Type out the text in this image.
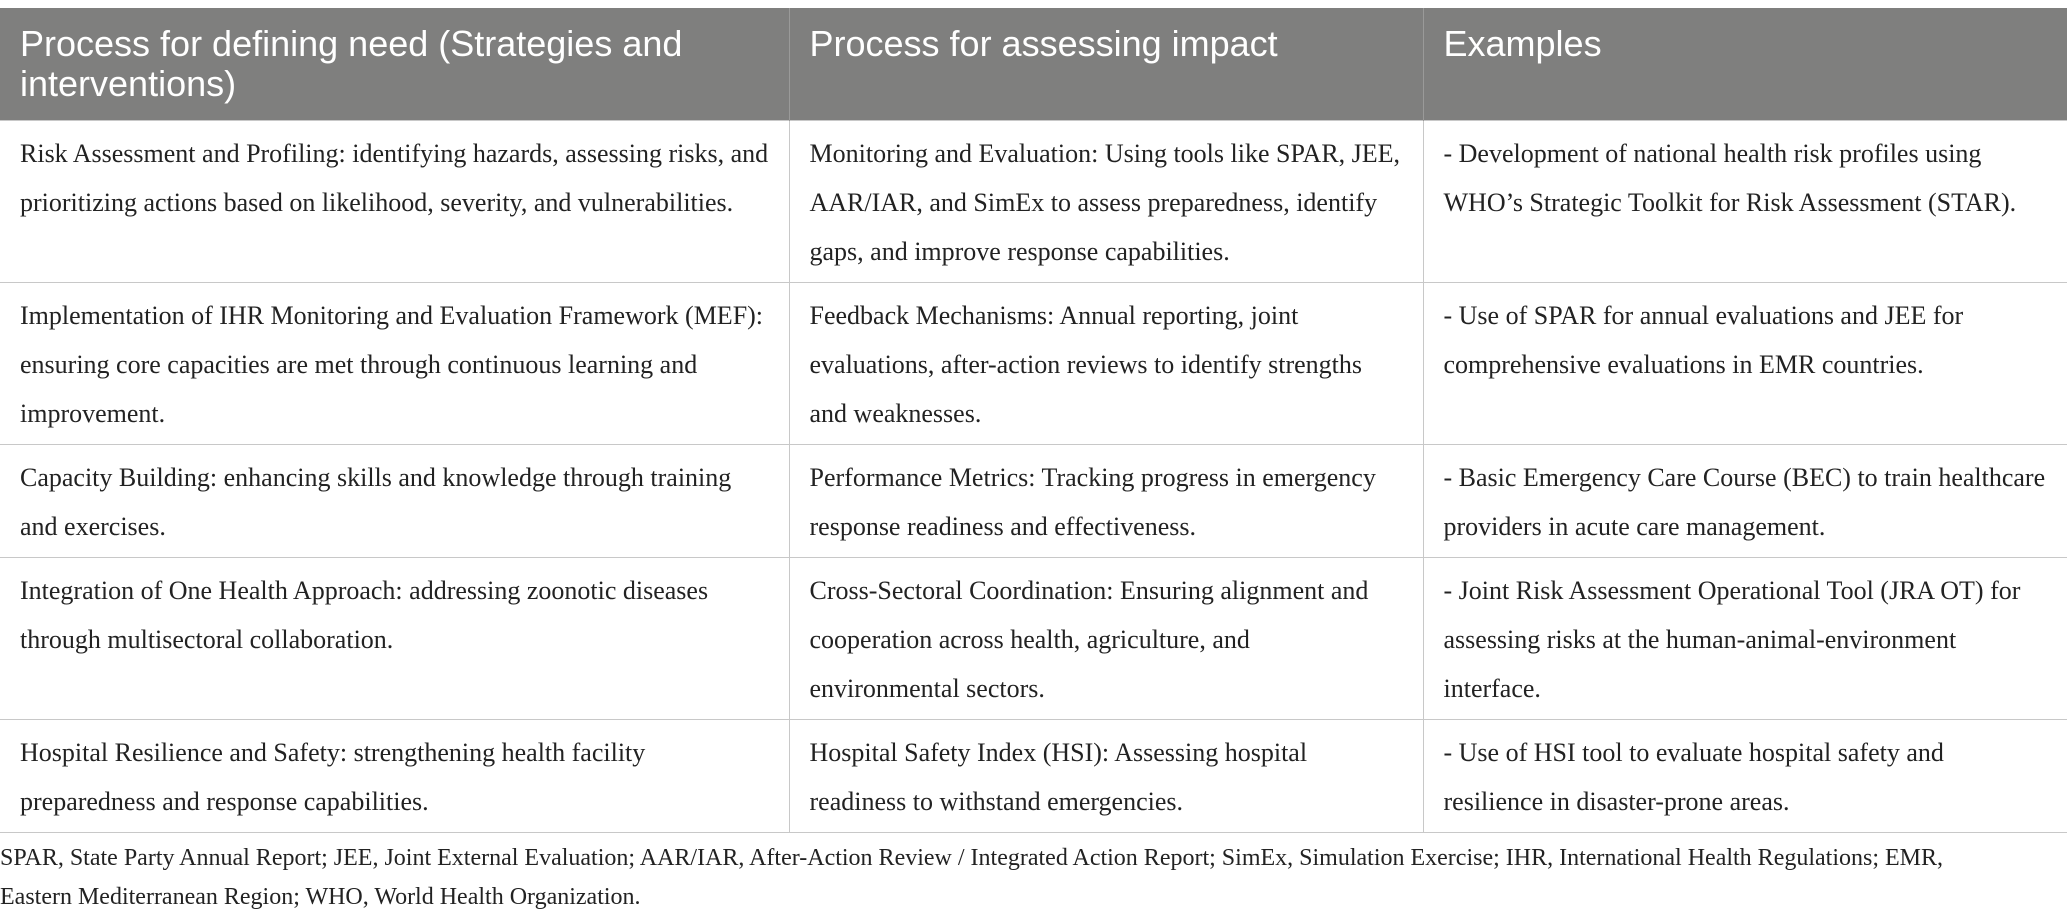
Process for defining need (Strategies and interventions)	Process for assessing impact	Examples
Risk Assessment and Profiling: identifying hazards, assessing risks, and prioritizing actions based on likelihood, severity, and vulnerabilities.	Monitoring and Evaluation: Using tools like SPAR, JEE, AAR/IAR, and SimEx to assess preparedness, identify gaps, and improve response capabilities.	- Development of national health risk profiles using WHO’s Strategic Toolkit for Risk Assessment (STAR).
Implementation of IHR Monitoring and Evaluation Framework (MEF): ensuring core capacities are met through continuous learning and improvement.	Feedback Mechanisms: Annual reporting, joint evaluations, after-action reviews to identify strengths and weaknesses.	- Use of SPAR for annual evaluations and JEE for comprehensive evaluations in EMR countries.
Capacity Building: enhancing skills and knowledge through training and exercises.	Performance Metrics: Tracking progress in emergency response readiness and effectiveness.	- Basic Emergency Care Course (BEC) to train healthcare providers in acute care management.
Integration of One Health Approach: addressing zoonotic diseases through multisectoral collaboration.	Cross-Sectoral Coordination: Ensuring alignment and cooperation across health, agriculture, and environmental sectors.	- Joint Risk Assessment Operational Tool (JRA OT) for assessing risks at the human-animal-environment interface.
Hospital Resilience and Safety: strengthening health facility preparedness and response capabilities.	Hospital Safety Index (HSI): Assessing hospital readiness to withstand emergencies.	- Use of HSI tool to evaluate hospital safety and resilience in disaster-prone areas.

SPAR, State Party Annual Report; JEE, Joint External Evaluation; AAR/IAR, After-Action Review / Integrated Action Report; SimEx, Simulation Exercise; IHR, International Health Regulations; EMR, Eastern Mediterranean Region; WHO, World Health Organization.
